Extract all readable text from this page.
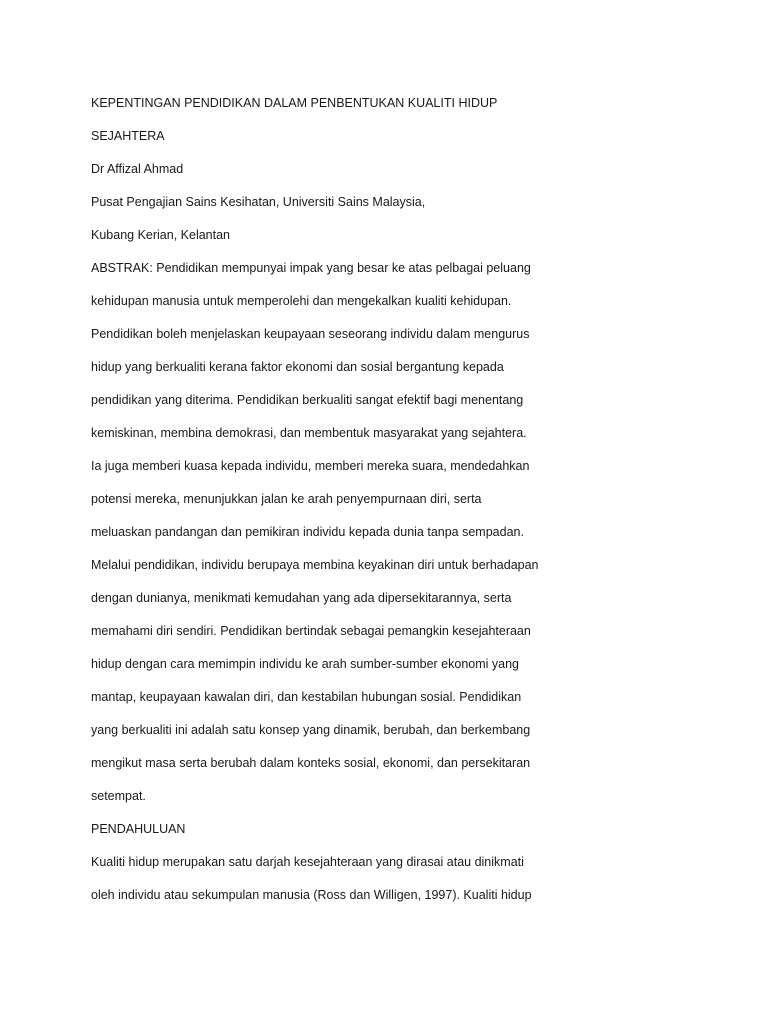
KEPENTINGAN PENDIDIKAN DALAM PENBENTUKAN KUALITI HIDUP

SEJAHTERA

Dr Affizal Ahmad

Pusat Pengajian Sains Kesihatan, Universiti Sains Malaysia,

Kubang Kerian, Kelantan

ABSTRAK: Pendidikan mempunyai impak yang besar ke atas pelbagai peluang

kehidupan manusia untuk memperolehi dan mengekalkan kualiti kehidupan.

Pendidikan boleh menjelaskan keupayaan seseorang individu dalam mengurus

hidup yang berkualiti kerana faktor ekonomi dan sosial bergantung kepada

pendidikan yang diterima. Pendidikan berkualiti sangat efektif bagi menentang

kemiskinan, membina demokrasi, dan membentuk masyarakat yang sejahtera.

Ia juga memberi kuasa kepada individu, memberi mereka suara, mendedahkan

potensi mereka, menunjukkan jalan ke arah penyempurnaan diri, serta

meluaskan pandangan dan pemikiran individu kepada dunia tanpa sempadan.

Melalui pendidikan, individu berupaya membina keyakinan diri untuk berhadapan

dengan dunianya, menikmati kemudahan yang ada dipersekitarannya, serta

memahami diri sendiri. Pendidikan bertindak sebagai pemangkin kesejahteraan

hidup dengan cara memimpin individu ke arah sumber-sumber ekonomi yang

mantap, keupayaan kawalan diri, dan kestabilan hubungan sosial. Pendidikan

yang berkualiti ini adalah satu konsep yang dinamik, berubah, dan berkembang

mengikut masa serta berubah dalam konteks sosial, ekonomi, dan persekitaran

setempat.

PENDAHULUAN

Kualiti hidup merupakan satu darjah kesejahteraan yang dirasai atau dinikmati

oleh individu atau sekumpulan manusia (Ross dan Willigen, 1997). Kualiti hidup
